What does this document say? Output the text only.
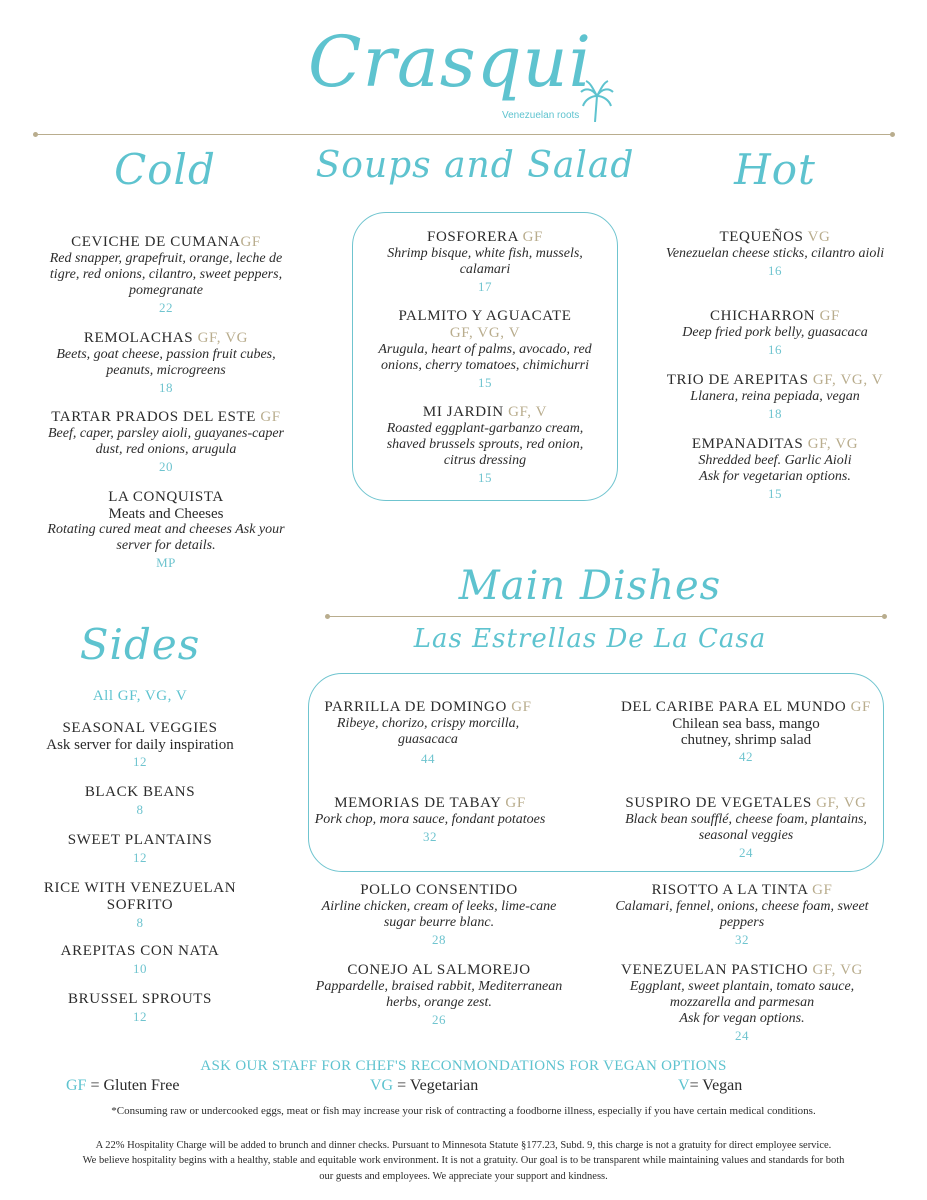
Crasqui
Venezuelan roots
Cold	Soups and Salad	Hot
CEVICHE DE CUMANAGF
Red snapper, grapefruit, orange, leche de tigre, red onions, cilantro, sweet peppers, pomegranate
22
REMOLACHAS GF, VG
Beets, goat cheese, passion fruit cubes, peanuts, microgreens
18
TARTAR PRADOS DEL ESTE GF
Beef, caper, parsley aioli, guayanes-caper dust, red onions, arugula
20
LA CONQUISTA
Meats and Cheeses
Rotating cured meat and cheeses Ask your server for details.
MP
FOSFORERA GF
Shrimp bisque, white fish, mussels, calamari
17
PALMITO Y AGUACATE
GF, VG, V
Arugula, heart of palms, avocado, red onions, cherry tomatoes, chimichurri
15
MI JARDIN GF, V
Roasted eggplant-garbanzo cream, shaved brussels sprouts, red onion, citrus dressing
15
TEQUEÑOS VG
Venezuelan cheese sticks, cilantro aioli
16
CHICHARRON GF
Deep fried pork belly, guasacaca
16
TRIO DE AREPITAS GF, VG, V
Llanera, reina pepiada, vegan
18
EMPANADITAS GF, VG
Shredded beef. Garlic Aioli
Ask for vegetarian options.
15
Main Dishes
Las Estrellas De La Casa
Sides
All GF, VG, V
SEASONAL VEGGIES
Ask server for daily inspiration
12
BLACK BEANS
8
SWEET PLANTAINS
12
RICE WITH VENEZUELAN SOFRITO
8
AREPITAS CON NATA
10
BRUSSEL SPROUTS
12
PARRILLA DE DOMINGO GF
Ribeye, chorizo, crispy morcilla, guasacaca
44
DEL CARIBE PARA EL MUNDO GF
Chilean sea bass, mango chutney, shrimp salad
42
MEMORIAS DE TABAY GF
Pork chop, mora sauce, fondant potatoes
32
SUSPIRO DE VEGETALES GF, VG
Black bean soufflé, cheese foam, plantains, seasonal veggies
24
POLLO CONSENTIDO
Airline chicken, cream of leeks, lime-cane sugar beurre blanc.
28
RISOTTO A LA TINTA GF
Calamari, fennel, onions, cheese foam, sweet peppers
32
CONEJO AL SALMOREJO
Pappardelle, braised rabbit, Mediterranean herbs, orange zest.
26
VENEZUELAN PASTICHO GF, VG
Eggplant, sweet plantain, tomato sauce, mozzarella and parmesan
Ask for vegan options.
24
ASK OUR STAFF FOR CHEF'S RECONMONDATIONS FOR VEGAN OPTIONS
GF = Gluten Free	VG = Vegetarian	V= Vegan
*Consuming raw or undercooked eggs, meat or fish may increase your risk of contracting a foodborne illness, especially if you have certain medical conditions.
A 22% Hospitality Charge will be added to brunch and dinner checks. Pursuant to Minnesota Statute §177.23, Subd. 9, this charge is not a gratuity for direct employee service.
We believe hospitality begins with a healthy, stable and equitable work environment. It is not a gratuity. Our goal is to be transparent while maintaining values and standards for both
our guests and employees. We appreciate your support and kindness.
